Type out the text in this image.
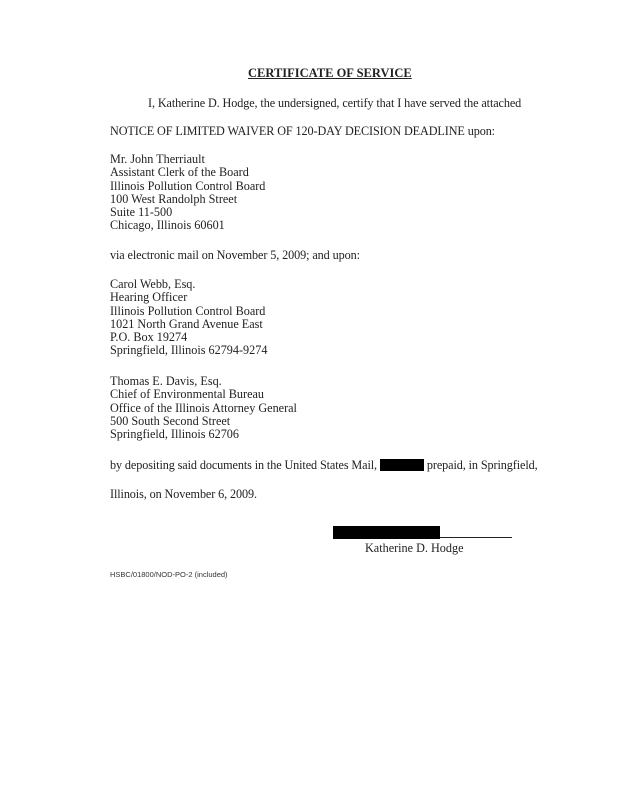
CERTIFICATE OF SERVICE
I, Katherine D. Hodge, the undersigned, certify that I have served the attached
NOTICE OF LIMITED WAIVER OF 120-DAY DECISION DEADLINE upon:
Mr. John Therriault
Assistant Clerk of the Board
Illinois Pollution Control Board
100 West Randolph Street
Suite 11-500
Chicago, Illinois 60601
via electronic mail on November 5, 2009; and upon:
Carol Webb, Esq.
Hearing Officer
Illinois Pollution Control Board
1021 North Grand Avenue East
P.O. Box 19274
Springfield, Illinois 62794-9274
Thomas E. Davis, Esq.
Chief of Environmental Bureau
Office of the Illinois Attorney General
500 South Second Street
Springfield, Illinois 62706
by depositing said documents in the United States Mail,	prepaid, in Springfield,
Illinois, on November 6, 2009.
Katherine D. Hodge
HSBC/01800/NOD-PO-2 (included)
